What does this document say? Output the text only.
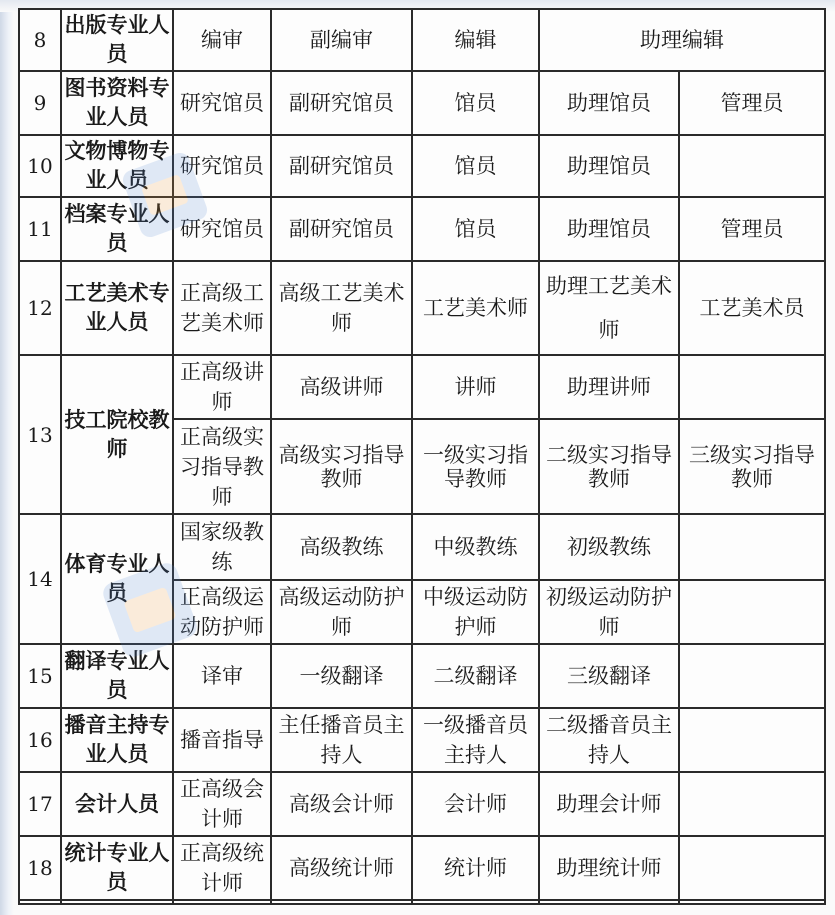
8	出版专业人员	编审	副编审	编辑	助理编辑	
9	图书资料专业人员	研究馆员	副研究馆员	馆员	助理馆员	管理员
10	文物博物专业人员	研究馆员	副研究馆员	馆员	助理馆员	
11	档案专业人员	研究馆员	副研究馆员	馆员	助理馆员	管理员
12	工艺美术专业人员	正高级工艺美术师	高级工艺美术师	工艺美术师	助理工艺美术师	工艺美术员
13	技工院校教师	正高级讲师	高级讲师	讲师	助理讲师	
		正高级实习指导教师	高级实习指导教师	一级实习指导教师	二级实习指导教师	三级实习指导教师
14	体育专业人员	国家级教练	高级教练	中级教练	初级教练	
		正高级运动防护师	高级运动防护师	中级运动防护师	初级运动防护师	
15	翻译专业人员	译审	一级翻译	二级翻译	三级翻译	
16	播音主持专业人员	播音指导	主任播音员主持人	一级播音员主持人	二级播音员主持人	
17	会计人员	正高级会计师	高级会计师	会计师	助理会计师	
18	统计专业人员	正高级统计师	高级统计师	统计师	助理统计师	
